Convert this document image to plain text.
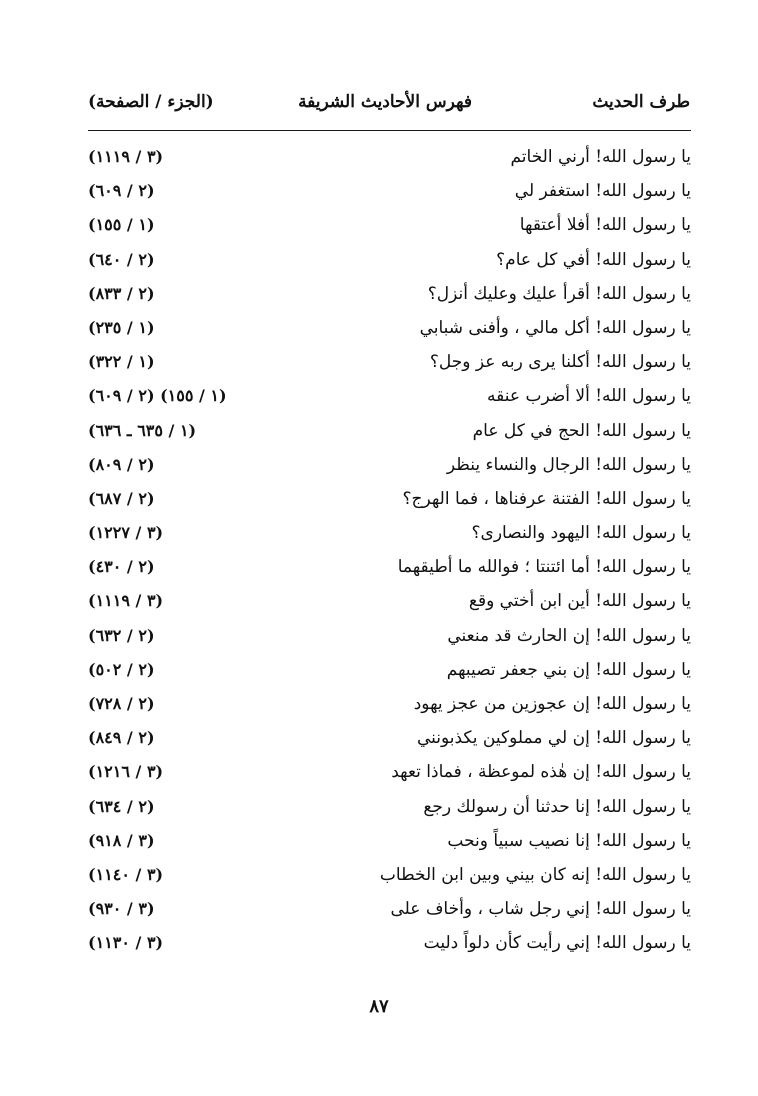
طرف الحديث
فهرس الأحاديث الشريفة
(الجزء / الصفحة)
يا رسول الله! أرني الخاتم
(٣ / ١١١٩)
يا رسول الله! استغفر لي
(٢ / ٦٠٩)
يا رسول الله! أفلا أعتقها
(١ / ١٥٥)
يا رسول الله! أفي كل عام؟
(٢ / ٦٤٠)
يا رسول الله! أقرأ عليك وعليك أنزل؟
(٢ / ٨٣٣)
يا رسول الله! أكل مالي ، وأفنى شبابي
(١ / ٢٣٥)
يا رسول الله! أكلنا يرى ربه عز وجل؟
(١ / ٣٢٢)
يا رسول الله! ألا أضرب عنقه
(١ / ١٥٥) (٢ / ٦٠٩)
يا رسول الله! الحج في كل عام
(١ / ٦٣٥ ـ ٦٣٦)
يا رسول الله! الرجال والنساء ينظر
(٢ / ٨٠٩)
يا رسول الله! الفتنة عرفناها ، فما الهرج؟
(٢ / ٦٨٧)
يا رسول الله! اليهود والنصارى؟
(٣ / ١٢٢٧)
يا رسول الله! أما ائتنتا ؛ فوالله ما أطيقهما
(٢ / ٤٣٠)
يا رسول الله! أين ابن أختي وقع
(٣ / ١١١٩)
يا رسول الله! إن الحارث قد منعني
(٢ / ٦٣٢)
يا رسول الله! إن بني جعفر تصيبهم
(٢ / ٥٠٢)
يا رسول الله! إن عجوزين من عجز يهود
(٢ / ٧٢٨)
يا رسول الله! إن لي مملوكين يكذبونني
(٢ / ٨٤٩)
يا رسول الله! إن هٰذه لموعظة ، فماذا تعهد
(٣ / ١٢١٦)
يا رسول الله! إنا حدثنا أن رسولك رجع
(٢ / ٦٣٤)
يا رسول الله! إنا نصيب سبياً ونحب
(٣ / ٩١٨)
يا رسول الله! إنه كان بيني وبين ابن الخطاب
(٣ / ١١٤٠)
يا رسول الله! إني رجل شاب ، وأخاف على
(٣ / ٩٣٠)
يا رسول الله! إني رأيت كأن دلواً دليت
(٣ / ١١٣٠)
٨٧
